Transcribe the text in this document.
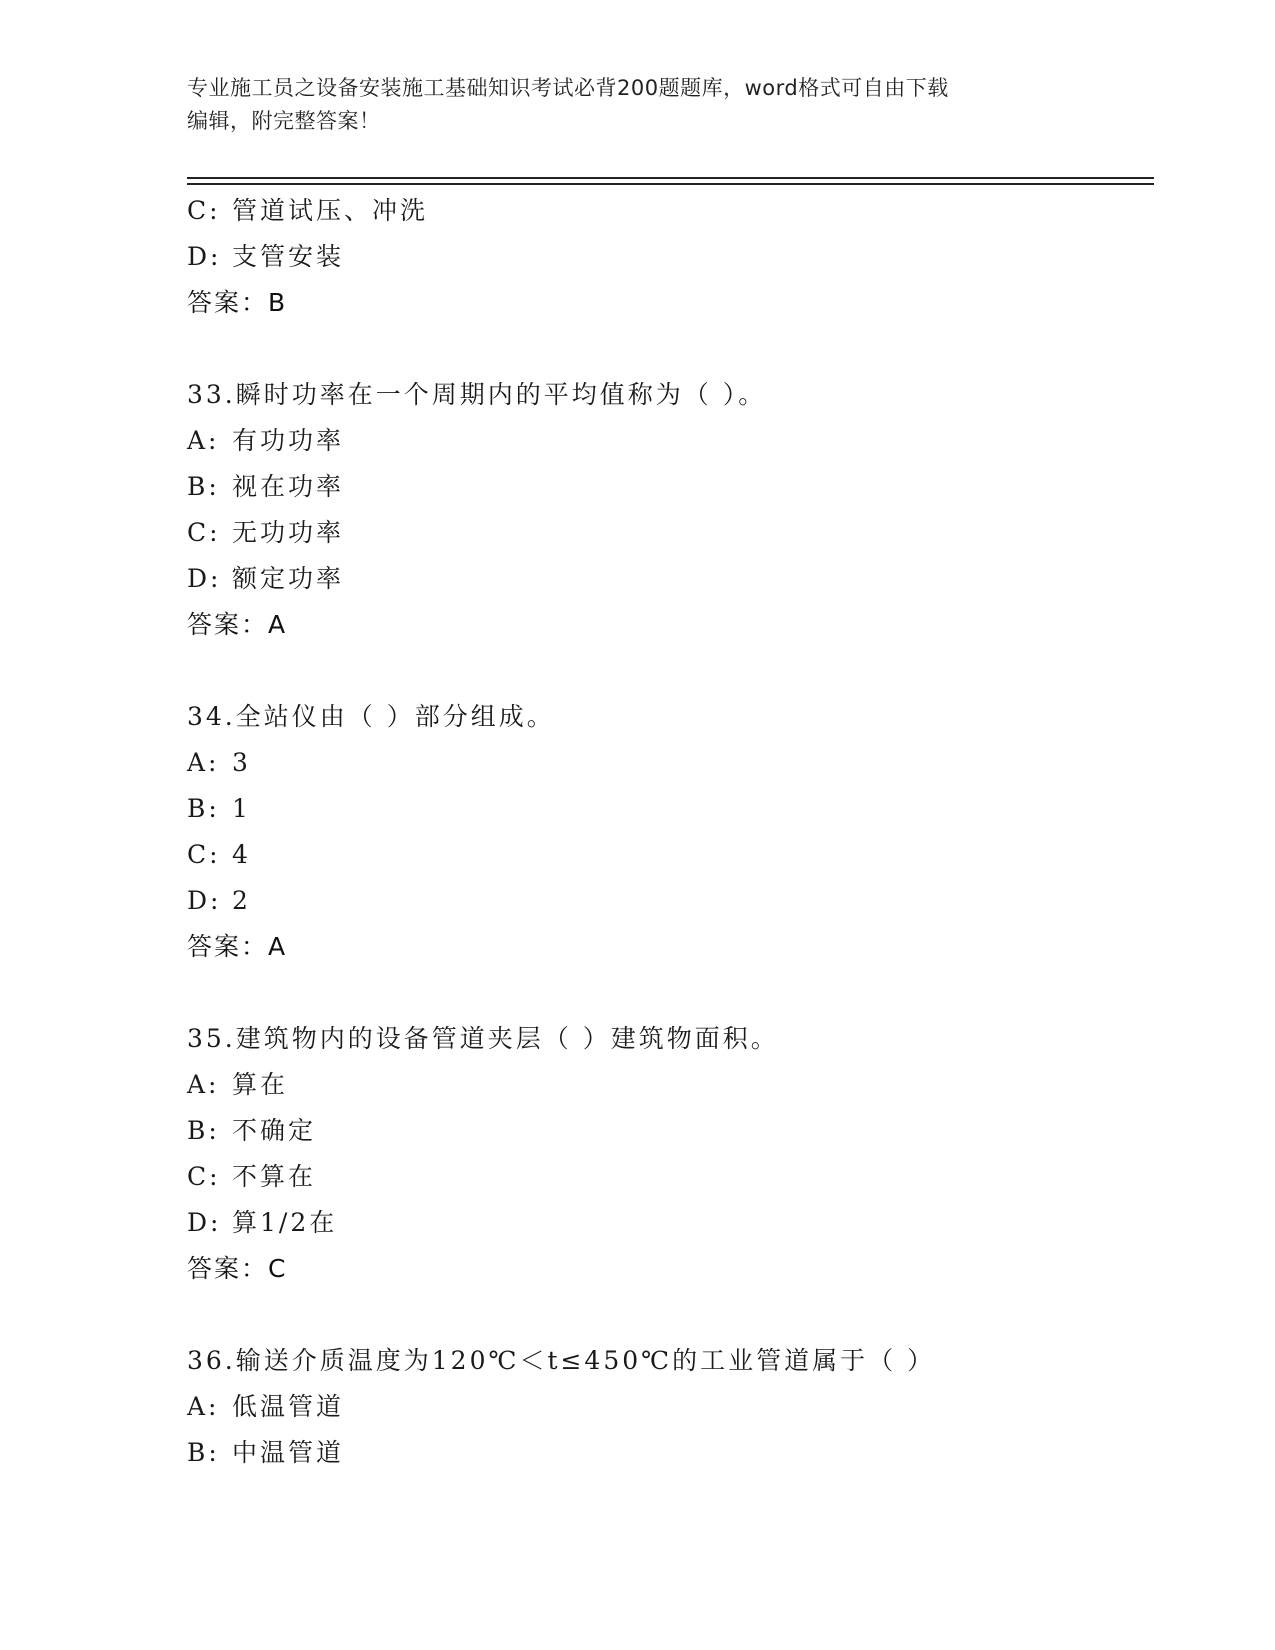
专业施工员之设备安装施工基础知识考试必背200题题库，word格式可自由下载
编辑，附完整答案！
C: 管道试压、冲洗
D: 支管安装
答案：B
33.瞬时功率在一个周期内的平均值称为（ ）。
A: 有功功率
B: 视在功率
C: 无功功率
D: 额定功率
答案：A
34.全站仪由（ ）部分组成。
A: 3
B: 1
C: 4
D: 2
答案：A
35.建筑物内的设备管道夹层（ ）建筑物面积。
A: 算在
B: 不确定
C: 不算在
D: 算1/2在
答案：C
36.输送介质温度为120℃＜t≤450℃的工业管道属于（ ）
A: 低温管道
B: 中温管道
